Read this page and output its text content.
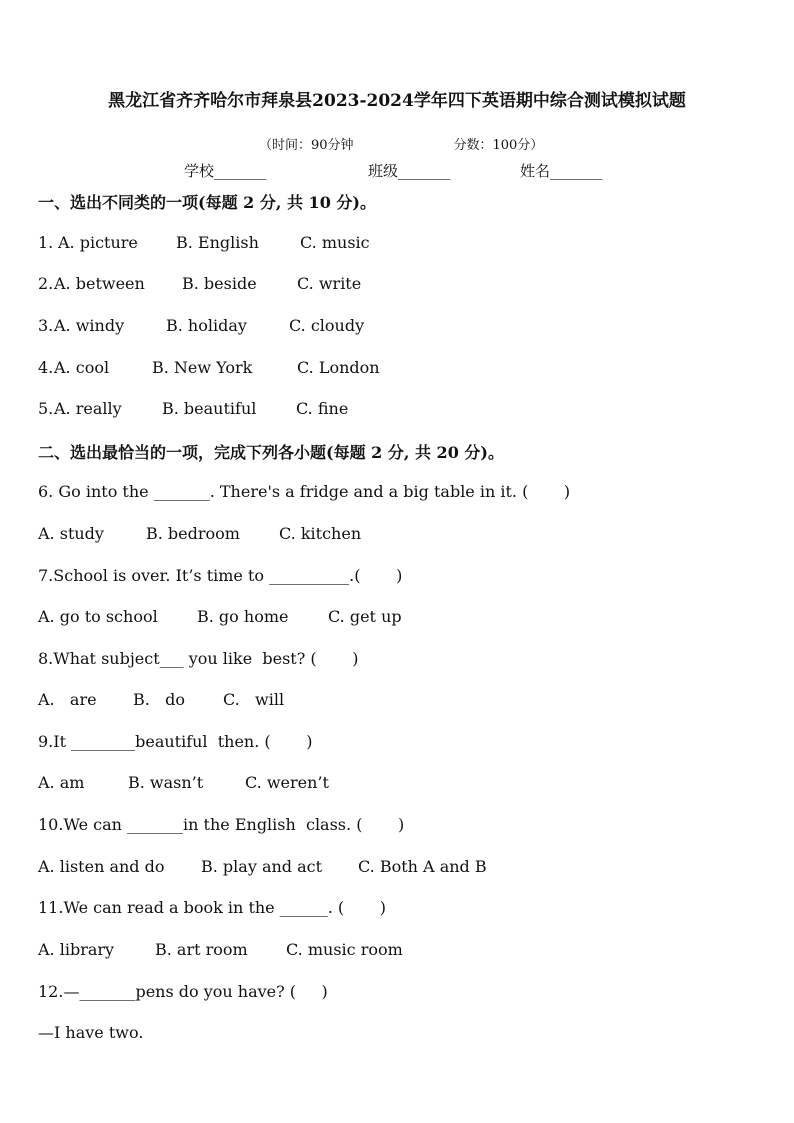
黑龙江省齐齐哈尔市拜泉县2023-2024学年四下英语期中综合测试模拟试题

（时间：90分钟	分数：100分）

学校_______	班级_______	姓名_______
一、选出不同类的一项(每题 2 分, 共 10 分)。
1. A. picture B. English	C. music
2. A. between B. beside	C. write
3. A. windy	B. holiday	C. cloudy
4. A. cool	B. New York	C. London
5. A. really	B. beautiful C. fine
二、选出最恰当的一项，完成下列各小题(每题 2 分, 共 20 分)。
6. Go into the _______. There's a fridge and a big table in it. (       )
A. study	B. bedroom C. kitchen
7.School is over. It’s time to __________.(       )
A. go to school B. go home C. get up
8.What subject___ you like  best? (       )
A.   are B.   do C.   will
9.It ________beautiful  then. (       )
A. am	B. wasn’t	C. weren’t
10.We can _______in the English  class. (       )
A. listen and do B. play and act C. Both A and B
11.We can read a book in the ______. (       )
A. library	B. art room C. music room
12.—_______pens do you have? (     )
—I have two.
